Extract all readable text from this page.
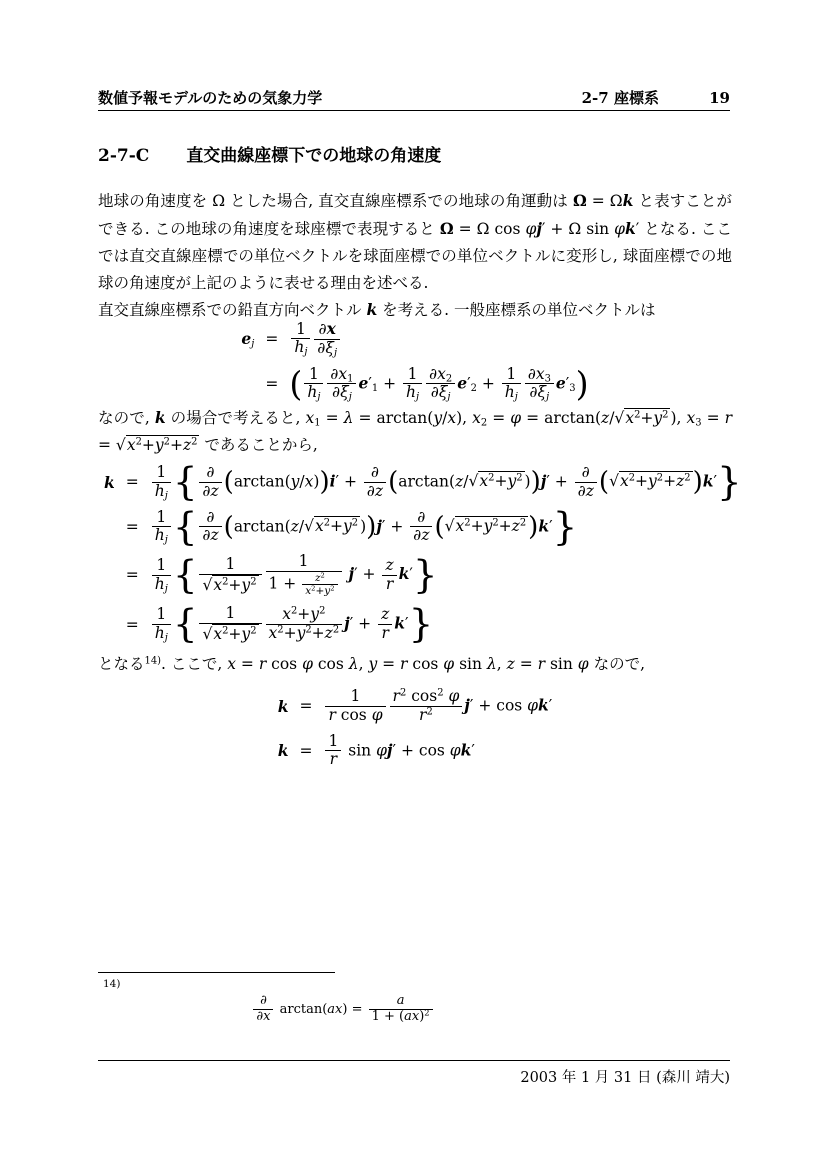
数値予報モデルのための気象力学	2-7 座標系	19
2-7-C 直交曲線座標下での地球の角速度
地球の角速度を Ω とした場合, 直交直線座標系での地球の角運動は Ω = Ωk と表すことができる. この地球の角速度を球座標で表現すると Ω = Ω cos φj′ + Ω sin φk′ となる. ここでは直交直線座標での単位ベクトルを球面座標での単位ベクトルに変形し, 球面座標での地球の角速度が上記のように表せる理由を述べる.
直交直線座標系での鉛直方向ベクトル k を考える. 一般座標系の単位ベクトルは
$e_j$	=	$\frac{1}{h_j} \frac{\partial x}{\partial\xi_j}$

	=	( $\frac{1}{h_j} \frac{\partial x_1}{\partial\xi_j} e'_1 + \frac{1}{h_j} \frac{\partial x_2}{\partial\xi_j} e'_2 + \frac{1}{h_j} \frac{\partial x_3}{\partial\xi_j} e'_3$)
なので, k の場合で考えると, $x_1 = \lambda = \arctan(y/x)$, $x_2 = \varphi = \arctan(z/√x^2+y^2$ ), $x_3 = r = √x^2+y^2+z^2$ であることから,
k	=	$\frac{1}{h_j}$ { ∂
∂z (arctan(y/x))i′ +
∂
∂z ($\arctan(z/√x^2+y^2$ ))j′ +
∂
∂z $(√x^2+y^2+z^2)k'$}
	=	$\frac{1}{h_j}$ { ∂
∂z ($\arctan(z/√x^2+y^2$ ))j′ +
∂
∂z $(√x^2+y^2+z^2)k'$}
	=	$\frac{1}{h_j}$ { $\frac{1}{√x^2+y^2} \frac{1}{1 + \frac{z^2}{x^2+y^2}} j' + \frac{z}{r} k'$}
	=	$\frac{1}{h_j}$ { $\frac{1}{√x^2+y^2} \frac{x^2+y^2}{x^2+y^2+z^2} j' + \frac{z}{r} k'$}
となる$^{14)}$. ここで, x = r cos φ cos λ, y = r cos φ sin λ, z = r sin φ なので,
k	=	$\frac{1}{\text{r cos φ}} \frac{r^2 \cos^2 \varphi}{r^2} j' + \cos \varphi k'$
k	=	$\frac{1}{r}$ sin φj′ + cos φk′
14)
∂
∂x $\arctan(ax) = \frac{a}{1 + (ax)^2}$
2003 年 1 月 31 日 (森川 靖大)
